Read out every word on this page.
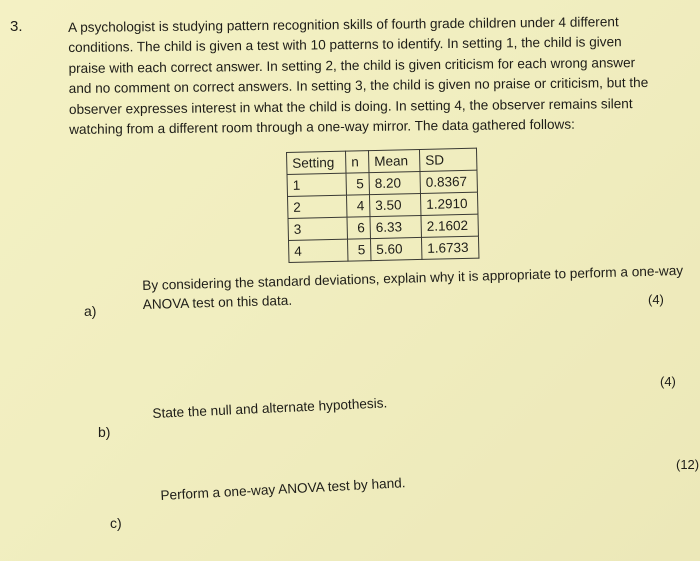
3.	A psychologist is studying pattern recognition skills of fourth grade children under 4 different

conditions. The child is given a test with 10 patterns to identify. In setting 1, the child is given

praise with each correct answer. In setting 2, the child is given criticism for each wrong answer

and no comment on correct answers. In setting 3, the child is given no praise or criticism, but the

observer expresses interest in what the child is doing. In setting 4, the observer remains silent

watching from a different room through a one-way mirror. The data gathered follows:

Setting	n	Mean	SD
1	5	8.20	0.8367
2	4	3.50	1.2910
3	6	6.33	2.1602
4	5	5.60	1.6733
a)
By considering the standard deviations, explain why it is appropriate to perform a one-way
ANOVA test on this data.	(4)
(4)
b)
State the null and alternate hypothesis.
(12)
c)
Perform a one-way ANOVA test by hand.
